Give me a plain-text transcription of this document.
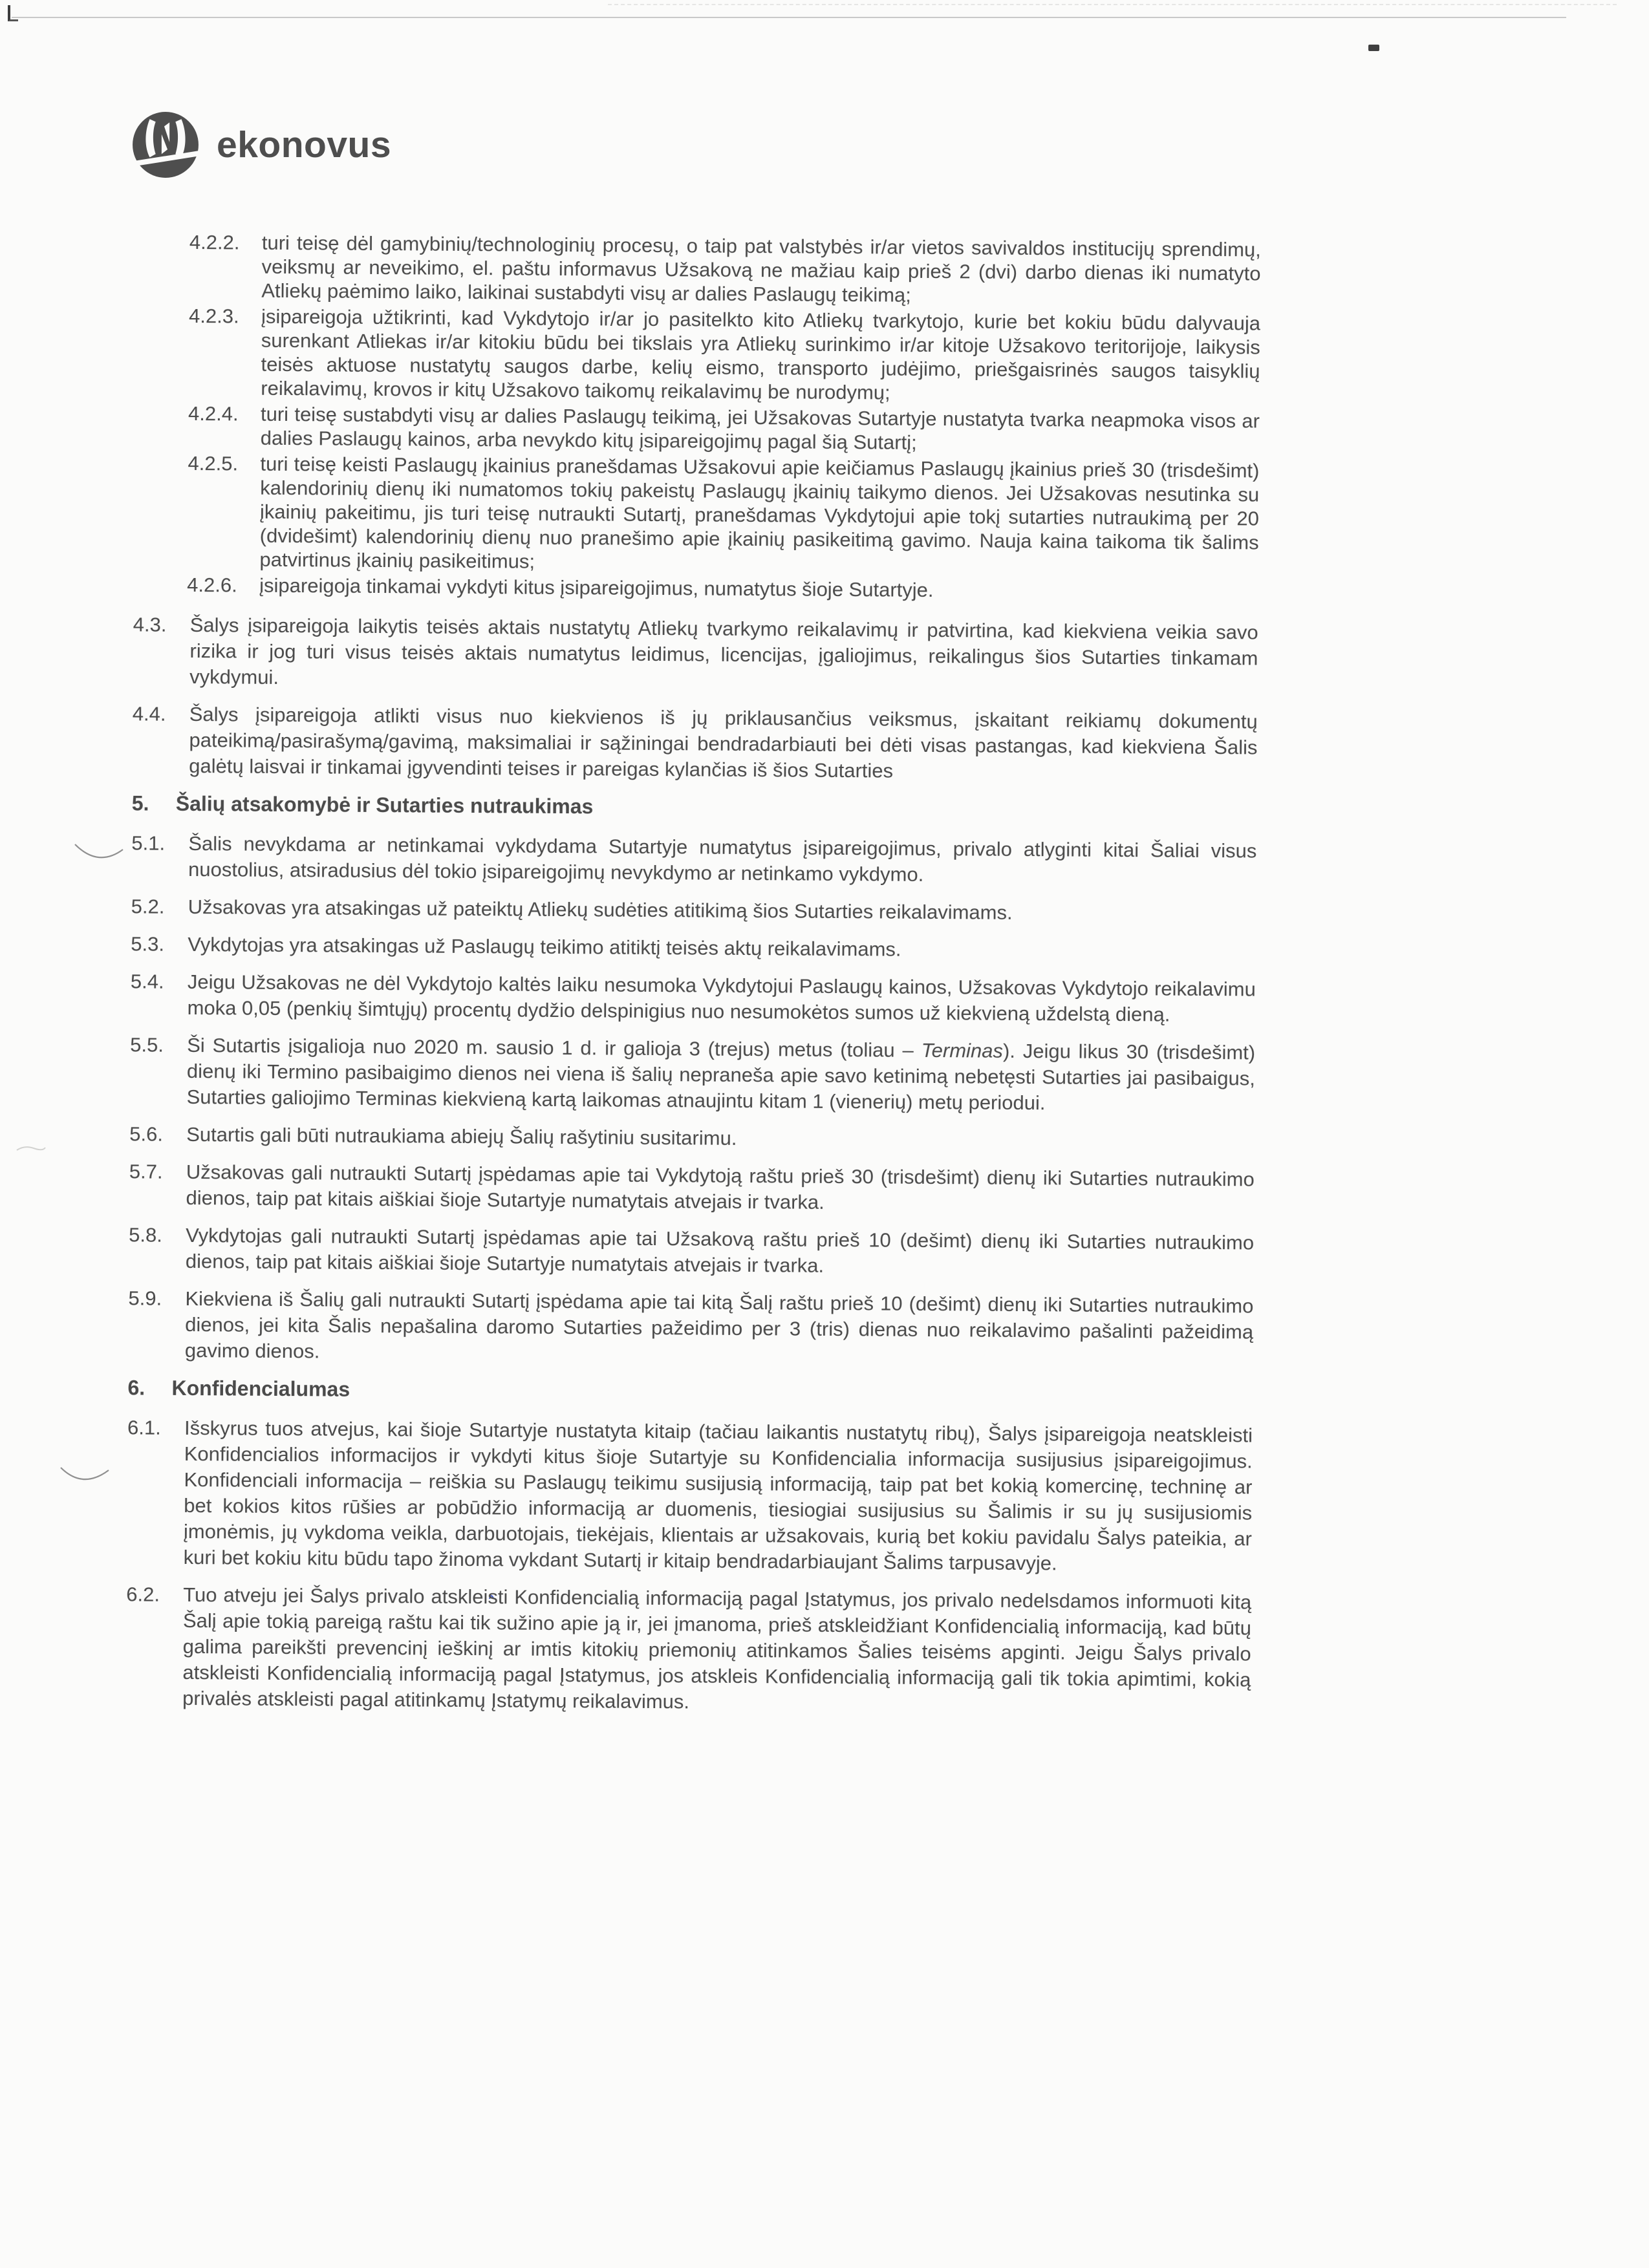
ekonovus
4.2.2. turi teisę dėl gamybinių/technologinių procesų, o taip pat valstybės ir/ar vietos savivaldos institucijų sprendimų, veiksmų ar neveikimo, el. paštu informavus Užsakovą ne mažiau kaip prieš 2 (dvi) darbo dienas iki numatyto Atliekų paėmimo laiko, laikinai sustabdyti visų ar dalies Paslaugų teikimą;
4.2.3. įsipareigoja užtikrinti, kad Vykdytojo ir/ar jo pasitelkto kito Atliekų tvarkytojo, kurie bet kokiu būdu dalyvauja surenkant Atliekas ir/ar kitokiu būdu bei tikslais yra Atliekų surinkimo ir/ar kitoje Užsakovo teritorijoje, laikysis teisės aktuose nustatytų saugos darbe, kelių eismo, transporto judėjimo, priešgaisrinės saugos taisyklių reikalavimų, krovos ir kitų Užsakovo taikomų reikalavimų be nurodymų;
4.2.4. turi teisę sustabdyti visų ar dalies Paslaugų teikimą, jei Užsakovas Sutartyje nustatyta tvarka neapmoka visos ar dalies Paslaugų kainos, arba nevykdo kitų įsipareigojimų pagal šią Sutartį;
4.2.5. turi teisę keisti Paslaugų įkainius pranešdamas Užsakovui apie keičiamus Paslaugų įkainius prieš 30 (trisdešimt) kalendorinių dienų iki numatomos tokių pakeistų Paslaugų įkainių taikymo dienos. Jei Užsakovas nesutinka su įkainių pakeitimu, jis turi teisę nutraukti Sutartį, pranešdamas Vykdytojui apie tokį sutarties nutraukimą per 20 (dvidešimt) kalendorinių dienų nuo pranešimo apie įkainių pasikeitimą gavimo. Nauja kaina taikoma tik šalims patvirtinus įkainių pasikeitimus;
4.2.6. įsipareigoja tinkamai vykdyti kitus įsipareigojimus, numatytus šioje Sutartyje.
4.3. Šalys įsipareigoja laikytis teisės aktais nustatytų Atliekų tvarkymo reikalavimų ir patvirtina, kad kiekviena veikia savo rizika ir jog turi visus teisės aktais numatytus leidimus, licencijas, įgaliojimus, reikalingus šios Sutarties tinkamam vykdymui.
4.4. Šalys įsipareigoja atlikti visus nuo kiekvienos iš jų priklausančius veiksmus, įskaitant reikiamų dokumentų pateikimą/pasirašymą/gavimą, maksimaliai ir sąžiningai bendradarbiauti bei dėti visas pastangas, kad kiekviena Šalis galėtų laisvai ir tinkamai įgyvendinti teises ir pareigas kylančias iš šios Sutarties
5. Šalių atsakomybė ir Sutarties nutraukimas
5.1. Šalis nevykdama ar netinkamai vykdydama Sutartyje numatytus įsipareigojimus, privalo atlyginti kitai Šaliai visus nuostolius, atsiradusius dėl tokio įsipareigojimų nevykdymo ar netinkamo vykdymo.
5.2. Užsakovas yra atsakingas už pateiktų Atliekų sudėties atitikimą šios Sutarties reikalavimams.
5.3. Vykdytojas yra atsakingas už Paslaugų teikimo atitiktį teisės aktų reikalavimams.
5.4. Jeigu Užsakovas ne dėl Vykdytojo kaltės laiku nesumoka Vykdytojui Paslaugų kainos, Užsakovas Vykdytojo reikalavimu moka 0,05 (penkių šimtųjų) procentų dydžio delspinigius nuo nesumokėtos sumos už kiekvieną uždelstą dieną.
5.5. Ši Sutartis įsigalioja nuo 2020 m. sausio 1 d. ir galioja 3 (trejus) metus (toliau – Terminas). Jeigu likus 30 (trisdešimt) dienų iki Termino pasibaigimo dienos nei viena iš šalių nepraneša apie savo ketinimą nebetęsti Sutarties jai pasibaigus, Sutarties galiojimo Terminas kiekvieną kartą laikomas atnaujintu kitam 1 (vienerių) metų periodui.
5.6. Sutartis gali būti nutraukiama abiejų Šalių rašytiniu susitarimu.
5.7. Užsakovas gali nutraukti Sutartį įspėdamas apie tai Vykdytoją raštu prieš 30 (trisdešimt) dienų iki Sutarties nutraukimo dienos, taip pat kitais aiškiai šioje Sutartyje numatytais atvejais ir tvarka.
5.8. Vykdytojas gali nutraukti Sutartį įspėdamas apie tai Užsakovą raštu prieš 10 (dešimt) dienų iki Sutarties nutraukimo dienos, taip pat kitais aiškiai šioje Sutartyje numatytais atvejais ir tvarka.
5.9. Kiekviena iš Šalių gali nutraukti Sutartį įspėdama apie tai kitą Šalį raštu prieš 10 (dešimt) dienų iki Sutarties nutraukimo dienos, jei kita Šalis nepašalina daromo Sutarties pažeidimo per 3 (tris) dienas nuo reikalavimo pašalinti pažeidimą gavimo dienos.
6. Konfidencialumas
6.1. Išskyrus tuos atvejus, kai šioje Sutartyje nustatyta kitaip (tačiau laikantis nustatytų ribų), Šalys įsipareigoja neatskleisti Konfidencialios informacijos ir vykdyti kitus šioje Sutartyje su Konfidencialia informacija susijusius įsipareigojimus. Konfidenciali informacija – reiškia su Paslaugų teikimu susijusią informaciją, taip pat bet kokią komercinę, techninę ar bet kokios kitos rūšies ar pobūdžio informaciją ar duomenis, tiesiogiai susijusius su Šalimis ir su jų susijusiomis įmonėmis, jų vykdoma veikla, darbuotojais, tiekėjais, klientais ar užsakovais, kurią bet kokiu pavidalu Šalys pateikia, ar kuri bet kokiu kitu būdu tapo žinoma vykdant Sutartį ir kitaip bendradarbiaujant Šalims tarpusavyje.
6.2. Tuo atveju jei Šalys privalo atskleisti Konfidencialią informaciją pagal Įstatymus, jos privalo nedelsdamos informuoti kitą Šalį apie tokią pareigą raštu kai tik sužino apie ją ir, jei įmanoma, prieš atskleidžiant Konfidencialią informaciją, kad būtų galima pareikšti prevencinį ieškinį ar imtis kitokių priemonių atitinkamos Šalies teisėms apginti. Jeigu Šalys privalo atskleisti Konfidencialią informaciją pagal Įstatymus, jos atskleis Konfidencialią informaciją gali tik tokia apimtimi, kokią privalės atskleisti pagal atitinkamų Įstatymų reikalavimus.
